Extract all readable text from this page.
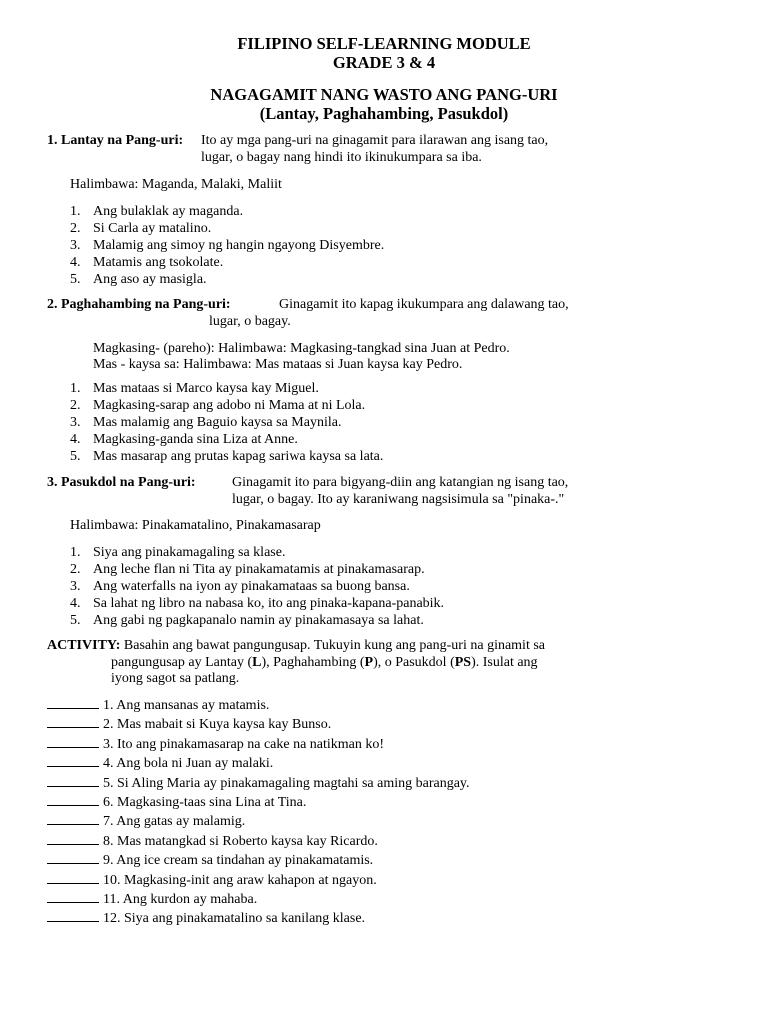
FILIPINO SELF-LEARNING MODULE
GRADE 3 & 4
NAGAGAMIT NANG WASTO ANG PANG-URI
(Lantay, Paghahambing, Pasukdol)
1. Lantay na Pang-uri: Ito ay mga pang-uri na ginagamit para ilarawan ang isang tao,
lugar, o bagay nang hindi ito ikinukumpara sa iba.
Halimbawa: Maganda, Malaki, Maliit
1. Ang bulaklak ay maganda.
2. Si Carla ay matalino.
3. Malamig ang simoy ng hangin ngayong Disyembre.
4. Matamis ang tsokolate.
5. Ang aso ay masigla.
2. Paghahambing na Pang-uri:	Ginagamit ito kapag ikukumpara ang dalawang tao,
lugar, o bagay.
Magkasing- (pareho): Halimbawa: Magkasing-tangkad sina Juan at Pedro.
Mas - kaysa sa: Halimbawa: Mas mataas si Juan kaysa kay Pedro.
1. Mas mataas si Marco kaysa kay Miguel.
2. Magkasing-sarap ang adobo ni Mama at ni Lola.
3. Mas malamig ang Baguio kaysa sa Maynila.
4. Magkasing-ganda sina Liza at Anne.
5. Mas masarap ang prutas kapag sariwa kaysa sa lata.
3. Pasukdol na Pang-uri:	Ginagamit ito para bigyang-diin ang katangian ng isang tao,
lugar, o bagay. Ito ay karaniwang nagsisimula sa "pinaka-."
Halimbawa: Pinakamatalino, Pinakamasarap
1. Siya ang pinakamagaling sa klase.
2. Ang leche flan ni Tita ay pinakamatamis at pinakamasarap.
3. Ang waterfalls na iyon ay pinakamataas sa buong bansa.
4. Sa lahat ng libro na nabasa ko, ito ang pinaka-kapana-panabik.
5. Ang gabi ng pagkapanalo namin ay pinakamasaya sa lahat.
ACTIVITY: Basahin ang bawat pangungusap. Tukuyin kung ang pang-uri na ginamit sa
pangungusap ay Lantay (L), Paghahambing (P), o Pasukdol (PS). Isulat ang
iyong sagot sa patlang.
1. Ang mansanas ay matamis.
2. Mas mabait si Kuya kaysa kay Bunso.
3. Ito ang pinakamasarap na cake na natikman ko!
4. Ang bola ni Juan ay malaki.
5. Si Aling Maria ay pinakamagaling magtahi sa aming barangay.
6. Magkasing-taas sina Lina at Tina.
7. Ang gatas ay malamig.
8. Mas matangkad si Roberto kaysa kay Ricardo.
9. Ang ice cream sa tindahan ay pinakamatamis.
10. Magkasing-init ang araw kahapon at ngayon.
11. Ang kurdon ay mahaba.
12. Siya ang pinakamatalino sa kanilang klase.
